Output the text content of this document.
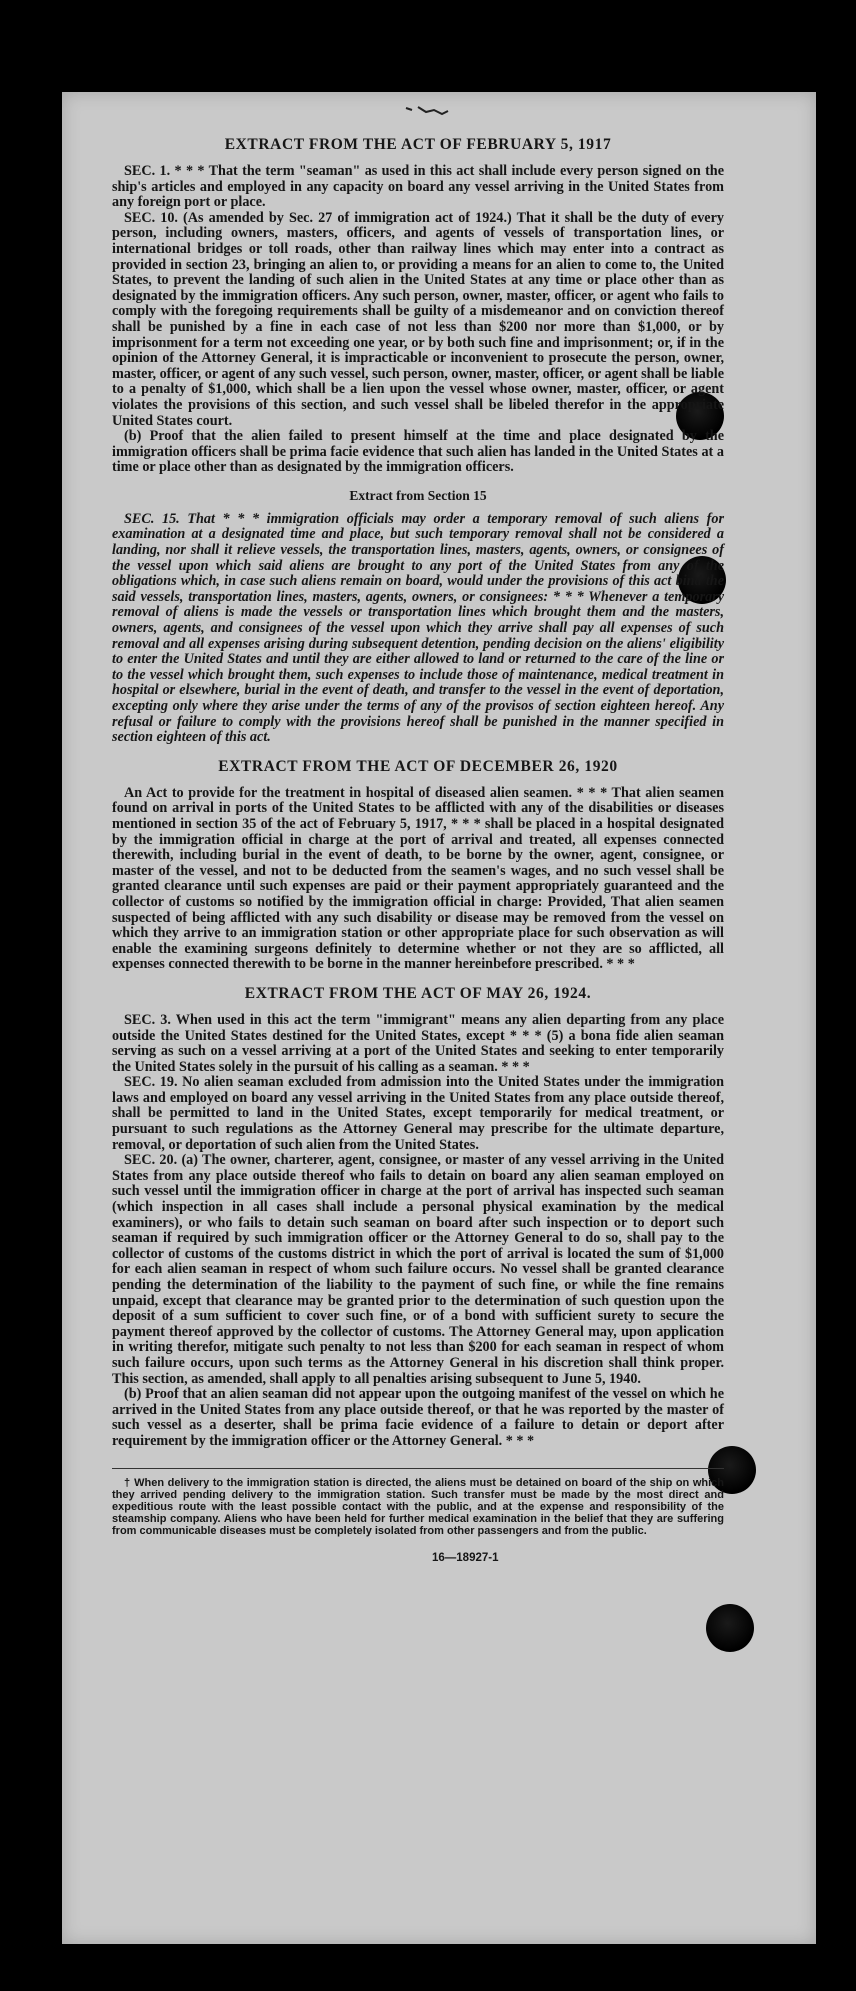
EXTRACT FROM THE ACT OF FEBRUARY 5, 1917

SEC. 1. * * * That the term "seaman" as used in this act shall include every person signed on the ship's articles and employed in any capacity on board any vessel arriving in the United States from any foreign port or place.

SEC. 10. (As amended by Sec. 27 of immigration act of 1924.) That it shall be the duty of every person, including owners, masters, officers, and agents of vessels of transportation lines, or international bridges or toll roads, other than railway lines which may enter into a contract as provided in section 23, bringing an alien to, or providing a means for an alien to come to, the United States, to prevent the landing of such alien in the United States at any time or place other than as designated by the immigration officers. Any such person, owner, master, officer, or agent who fails to comply with the foregoing requirements shall be guilty of a misdemeanor and on conviction thereof shall be punished by a fine in each case of not less than $200 nor more than $1,000, or by imprisonment for a term not exceeding one year, or by both such fine and imprisonment; or, if in the opinion of the Attorney General, it is impracticable or inconvenient to prosecute the person, owner, master, officer, or agent of any such vessel, such person, owner, master, officer, or agent shall be liable to a penalty of $1,000, which shall be a lien upon the vessel whose owner, master, officer, or agent violates the provisions of this section, and such vessel shall be libeled therefor in the appropriate United States court.

(b) Proof that the alien failed to present himself at the time and place designated by the immigration officers shall be prima facie evidence that such alien has landed in the United States at a time or place other than as designated by the immigration officers.

Extract from Section 15

SEC. 15. That * * * immigration officials may order a temporary removal of such aliens for examination at a designated time and place, but such temporary removal shall not be considered a landing, nor shall it relieve vessels, the transportation lines, masters, agents, owners, or consignees of the vessel upon which said aliens are brought to any port of the United States from any of the obligations which, in case such aliens remain on board, would under the provisions of this act bind the said vessels, transportation lines, masters, agents, owners, or consignees: * * * Whenever a temporary removal of aliens is made the vessels or transportation lines which brought them and the masters, owners, agents, and consignees of the vessel upon which they arrive shall pay all expenses of such removal and all expenses arising during subsequent detention, pending decision on the aliens' eligibility to enter the United States and until they are either allowed to land or returned to the care of the line or to the vessel which brought them, such expenses to include those of maintenance, medical treatment in hospital or elsewhere, burial in the event of death, and transfer to the vessel in the event of deportation, excepting only where they arise under the terms of any of the provisos of section eighteen hereof. Any refusal or failure to comply with the provisions hereof shall be punished in the manner specified in section eighteen of this act.

EXTRACT FROM THE ACT OF DECEMBER 26, 1920

An Act to provide for the treatment in hospital of diseased alien seamen. * * * That alien seamen found on arrival in ports of the United States to be afflicted with any of the disabilities or diseases mentioned in section 35 of the act of February 5, 1917, * * * shall be placed in a hospital designated by the immigration official in charge at the port of arrival and treated, all expenses connected therewith, including burial in the event of death, to be borne by the owner, agent, consignee, or master of the vessel, and not to be deducted from the seamen's wages, and no such vessel shall be granted clearance until such expenses are paid or their payment appropriately guaranteed and the collector of customs so notified by the immigration official in charge: Provided, That alien seamen suspected of being afflicted with any such disability or disease may be removed from the vessel on which they arrive to an immigration station or other appropriate place for such observation as will enable the examining surgeons definitely to determine whether or not they are so afflicted, all expenses connected therewith to be borne in the manner hereinbefore prescribed. * * *

EXTRACT FROM THE ACT OF MAY 26, 1924.

SEC. 3. When used in this act the term "immigrant" means any alien departing from any place outside the United States destined for the United States, except * * * (5) a bona fide alien seaman serving as such on a vessel arriving at a port of the United States and seeking to enter temporarily the United States solely in the pursuit of his calling as a seaman. * * *

SEC. 19. No alien seaman excluded from admission into the United States under the immigration laws and employed on board any vessel arriving in the United States from any place outside thereof, shall be permitted to land in the United States, except temporarily for medical treatment, or pursuant to such regulations as the Attorney General may prescribe for the ultimate departure, removal, or deportation of such alien from the United States.

SEC. 20. (a) The owner, charterer, agent, consignee, or master of any vessel arriving in the United States from any place outside thereof who fails to detain on board any alien seaman employed on such vessel until the immigration officer in charge at the port of arrival has inspected such seaman (which inspection in all cases shall include a personal physical examination by the medical examiners), or who fails to detain such seaman on board after such inspection or to deport such seaman if required by such immigration officer or the Attorney General to do so, shall pay to the collector of customs of the customs district in which the port of arrival is located the sum of $1,000 for each alien seaman in respect of whom such failure occurs. No vessel shall be granted clearance pending the determination of the liability to the payment of such fine, or while the fine remains unpaid, except that clearance may be granted prior to the determination of such question upon the deposit of a sum sufficient to cover such fine, or of a bond with sufficient surety to secure the payment thereof approved by the collector of customs. The Attorney General may, upon application in writing therefor, mitigate such penalty to not less than $200 for each seaman in respect of whom such failure occurs, upon such terms as the Attorney General in his discretion shall think proper. This section, as amended, shall apply to all penalties arising subsequent to June 5, 1940.

(b) Proof that an alien seaman did not appear upon the outgoing manifest of the vessel on which he arrived in the United States from any place outside thereof, or that he was reported by the master of such vessel as a deserter, shall be prima facie evidence of a failure to detain or deport after requirement by the immigration officer or the Attorney General. * * *

† When delivery to the immigration station is directed, the aliens must be detained on board of the ship on which they arrived pending delivery to the immigration station. Such transfer must be made by the most direct and expeditious route with the least possible contact with the public, and at the expense and responsibility of the steamship company. Aliens who have been held for further medical examination in the belief that they are suffering from communicable diseases must be completely isolated from other passengers and from the public.

16—18927-1
